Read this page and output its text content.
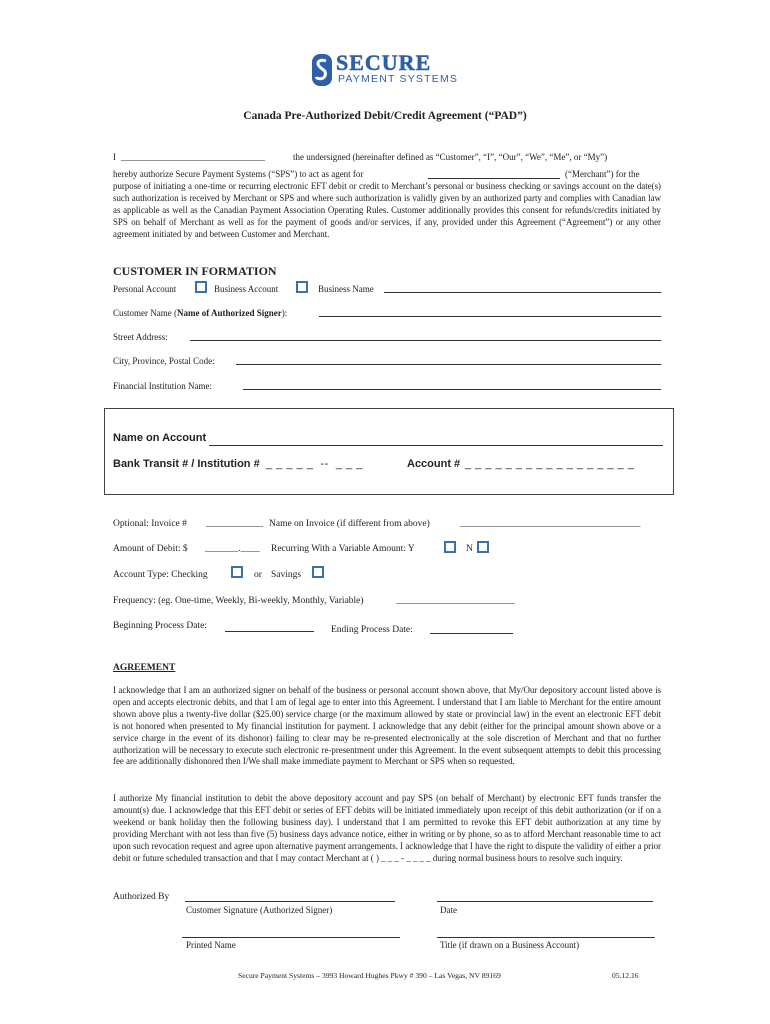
SECURE
PAYMENT SYSTEMS
Canada Pre-Authorized Debit/Credit Agreement (“PAD”)
I ________________________________	the undersigned (hereinafter defined as “Customer”, “I”, “Our”, “We”, “Me”, or “My”)
hereby authorize Secure Payment Systems (“SPS”) to act as agent for	(“Merchant”) for the
purpose of initiating a one-time or recurring electronic EFT debit or credit to Merchant’s personal or business checking or savings account on the date(s) such authorization is received by Merchant or SPS and where such authorization is validly given by an authorized party and complies with Canadian law as applicable as well as the Canadian Payment Association Operating Rules. Customer additionally provides this consent for refunds/credits initiated by SPS on behalf of Merchant as well as for the payment of goods and/or services, if any, provided under this Agreement (“Agreement”) or any other agreement initiated by and between Customer and Merchant.
CUSTOMER IN FORMATION
Personal Account	Business Account	Business Name
Customer Name (Name of Authorized Signer):
Street Address:
City, Province, Postal Code:
Financial Institution Name:
Name on Account
Bank Transit # / Institution # _ _ _ _ _  --  _ _ _	Account # _ _ _ _ _ _ _ _ _ _ _ _ _ _ _ _ _
Optional: Invoice # ____________ Name on Invoice (if different from above)	______________________________________
Amount of Debit: $ _______.____ Recurring With a Variable Amount: Y	N
Account Type: Checking	or Savings
Frequency: (eg. One-time, Weekly, Bi-weekly, Monthly, Variable)	_________________________
Beginning Process Date:	Ending Process Date:
AGREEMENT
I acknowledge that I am an authorized signer on behalf of the business or personal account shown above, that My/Our depository account listed above is open and accepts electronic debits, and that I am of legal age to enter into this Agreement. I understand that I am liable to Merchant for the entire amount shown above plus a twenty-five dollar ($25.00) service charge (or the maximum allowed by state or provincial law) in the event an electronic EFT debit is not honored when presented to My financial institution for payment. I acknowledge that any debit (either for the principal amount shown above or a service charge in the event of its dishonor) failing to clear may be re-presented electronically at the sole discretion of Merchant and that no further authorization will be necessary to execute such electronic re-presentment under this Agreement. In the event subsequent attempts to debit this processing fee are additionally dishonored then I/We shall make immediate payment to Merchant or SPS when so requested.
I authorize My financial institution to debit the above depository account and pay SPS (on behalf of Merchant) by electronic EFT funds transfer the amount(s) due. I acknowledge that this EFT debit or series of EFT debits will be initiated immediately upon receipt of this debit authorization (or if on a weekend or bank holiday then the following business day). I understand that I am permitted to revoke this EFT debit authorization at any time by providing Merchant with not less than five (5) business days advance notice, either in writing or by phone, so as to afford Merchant reasonable time to act upon such revocation request and agree upon alternative payment arrangements. I acknowledge that I have the right to dispute the validity of either a prior debit or future scheduled transaction and that I may contact Merchant at ( ) _ _ _ - _ _ _ _ during normal business hours to resolve such inquiry.
Authorized By
Customer Signature (Authorized Signer)	Date
Printed Name	Title (if drawn on a Business Account)
Secure Payment Systems – 3993 Howard Hughes Pkwy # 390 – Las Vegas, NV 89169	05.12.16
